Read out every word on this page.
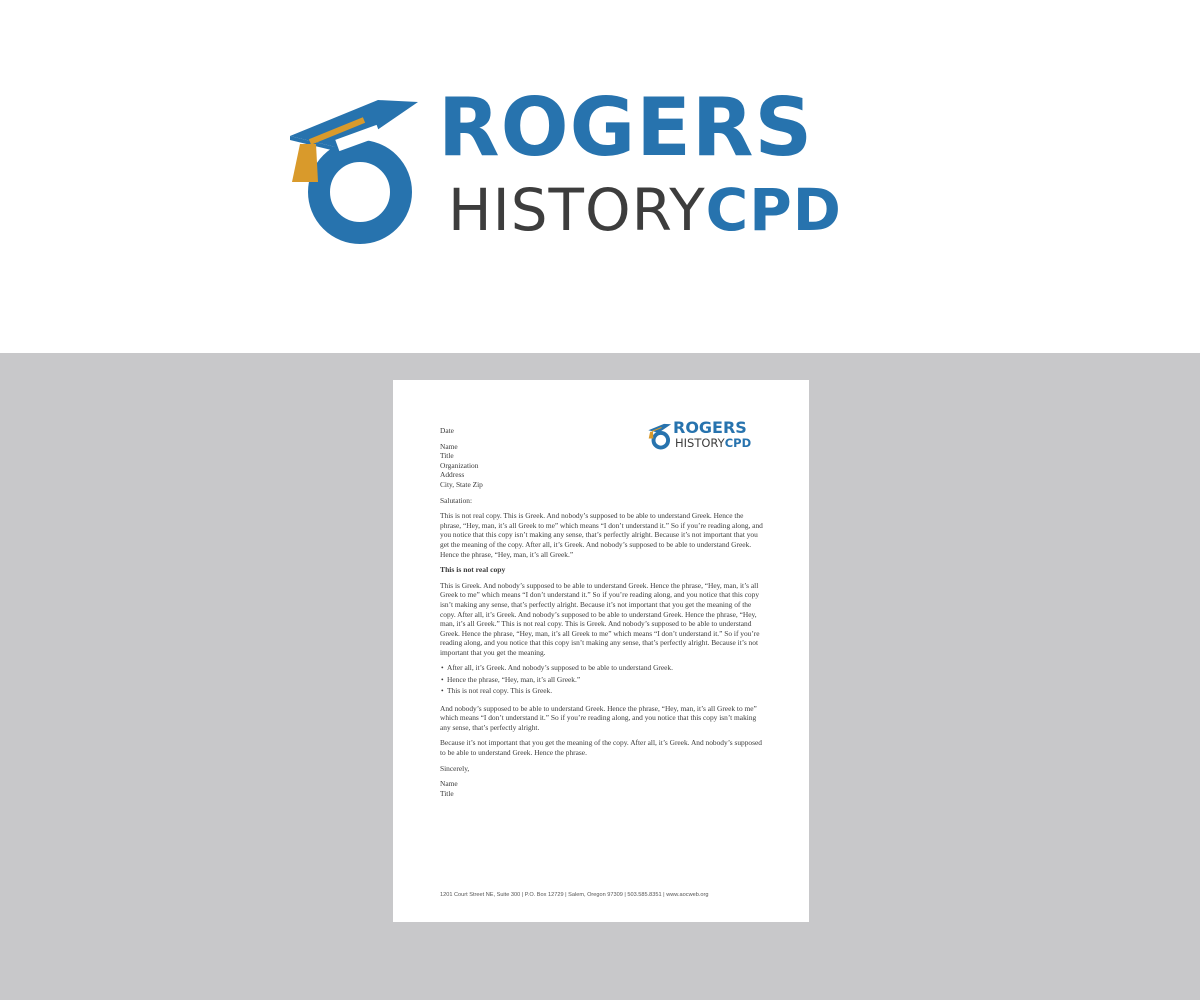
ROGERS
HISTORYCPD
ROGERS
HISTORYCPD

Date

Name

Title

Organization

Address

City, State Zip

Salutation:

This is not real copy. This is Greek. And nobody’s supposed to be able to understand Greek. Hence the phrase, “Hey, man, it’s all Greek to me” which means “I don’t understand it.” So if you’re reading along, and you notice that this copy isn’t making any sense, that’s perfectly alright. Because it’s not important that you get the meaning of the copy. After all, it’s Greek. And nobody’s supposed to be able to understand Greek. Hence the phrase, “Hey, man, it’s all Greek.”

This is not real copy

This is Greek. And nobody’s supposed to be able to understand Greek. Hence the phrase, “Hey, man, it’s all Greek to me” which means “I don’t understand it.” So if you’re reading along, and you notice that this copy isn’t making any sense, that’s perfectly alright. Because it’s not important that you get the meaning of the copy. After all, it’s Greek. And nobody’s supposed to be able to understand Greek. Hence the phrase, “Hey, man, it’s all Greek.” This is not real copy. This is Greek. And nobody’s supposed to be able to understand Greek. Hence the phrase, “Hey, man, it’s all Greek to me” which means “I don’t understand it.” So if you’re reading along, and you notice that this copy isn’t making any sense, that’s perfectly alright. Because it’s not important that you get the meaning.

• After all, it’s Greek. And nobody’s supposed to be able to understand Greek.
• Hence the phrase, “Hey, man, it’s all Greek.”
• This is not real copy. This is Greek.

And nobody’s supposed to be able to understand Greek. Hence the phrase, “Hey, man, it’s all Greek to me” which means “I don’t understand it.” So if you’re reading along, and you notice that this copy isn’t making any sense, that’s perfectly alright.

Because it’s not important that you get the meaning of the copy. After all, it’s Greek. And nobody’s supposed to be able to understand Greek. Hence the phrase.

Sincerely,

Name

Title

1201 Court Street NE, Suite 300 | P.O. Box 12729 | Salem, Oregon 97309 | 503.585.8351 | www.aocweb.org
